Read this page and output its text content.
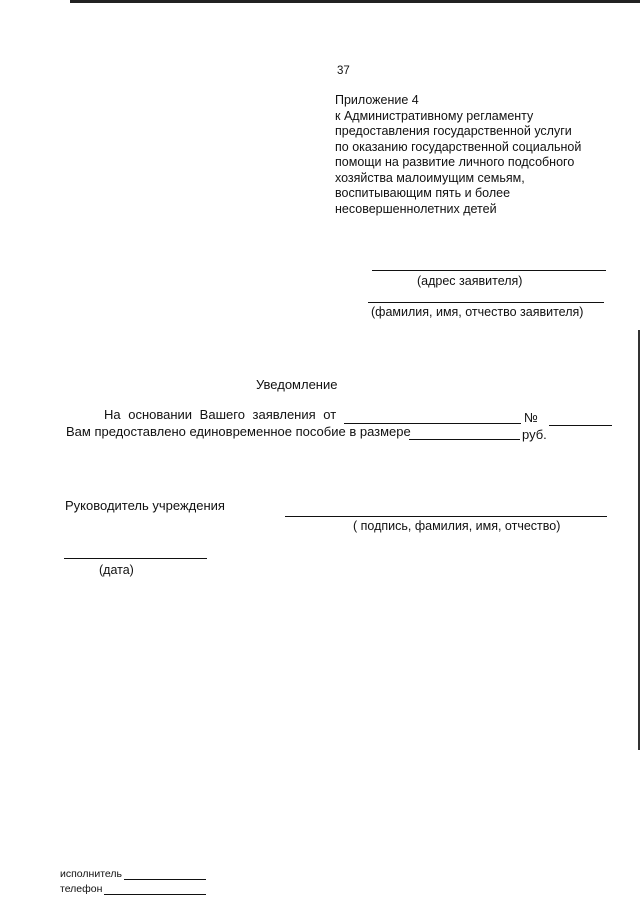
37
Приложение 4
к Административному регламенту
предоставления государственной услуги
по оказанию государственной социальной
помощи на развитие личного подсобного
хозяйства малоимущим семьям,
воспитывающим пять и более
несовершеннолетних детей
(адрес заявителя)
(фамилия, имя, отчество заявителя)
Уведомление
На основании Вашего заявления от	№
Вам предоставлено единовременное пособие в размере	руб.
Руководитель учреждения
( подпись, фамилия, имя, отчество)
(дата)
исполнитель
телефон
